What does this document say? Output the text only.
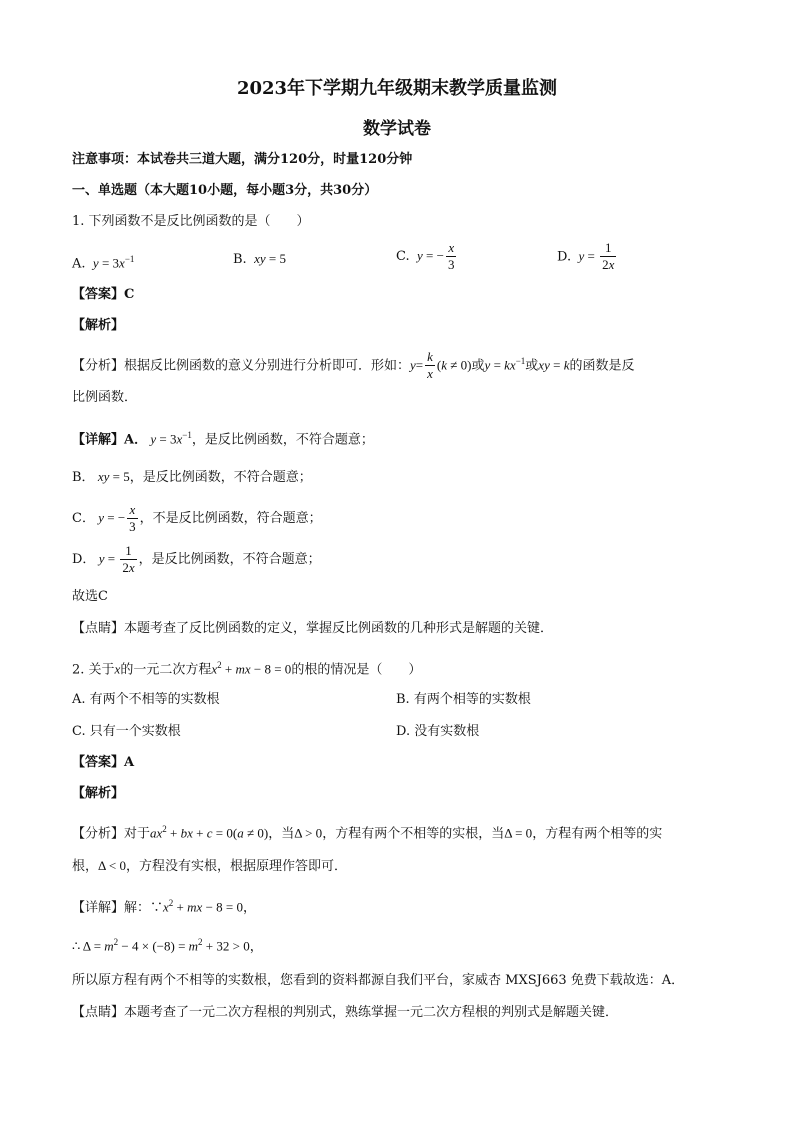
2023年下学期九年级期末教学质量监测
数学试卷
注意事项：本试卷共三道大题，满分120分，时量120分钟
一、单选题（本大题10小题，每小题3分，共30分）
1. 下列函数不是反比例函数的是（　　）
A.  $y = 3x^{-1}$	B.  xy = 5	C.  y = − $\frac{x}{3}$	D.  $y = \frac{1}{2x}$
【答案】C
【解析】
【分析】根据反比例函数的意义分别进行分析即可．形如：$y= \frac{k}{x} (k \ne 0)$或$y = kx^{-1}$或xy = k的函数是反
比例函数．
【详解】A． $y = 3x^{-1}$，是反比例函数，不符合题意；
B． xy = 5，是反比例函数，不符合题意；
C． y = − $\frac{x}{3}$ ，不是反比例函数，符合题意；
D． $y = \frac{1}{2x}$ ，是反比例函数，不符合题意；
故选C
【点睛】本题考查了反比例函数的定义，掌握反比例函数的几种形式是解题的关键．
2. 关于x的一元二次方程$x^2$ + mx − 8 = 0的根的情况是（　　）
A. 有两个不相等的实数根	B. 有两个相等的实数根
C. 只有一个实数根	D. 没有实数根
【答案】A
【解析】
【分析】对于$ax^2$ + bx + c = 0(a ≠ 0)，当Δ > 0，方程有两个不相等的实根，当Δ = 0，方程有两个相等的实
根，Δ < 0，方程没有实根，根据原理作答即可．
【详解】解：$\because x^2$ + mx − 8 = 0，
∴ $\Delta = m^2 - 4 \times (-8) = m^2 + 32 > 0$，
所以原方程有两个不相等的实数根，您看到的资料都源自我们平台，家威杏 MXSJ663 免费下载故选：A．
【点睛】本题考查了一元二次方程根的判别式，熟练掌握一元二次方程根的判别式是解题关键．
